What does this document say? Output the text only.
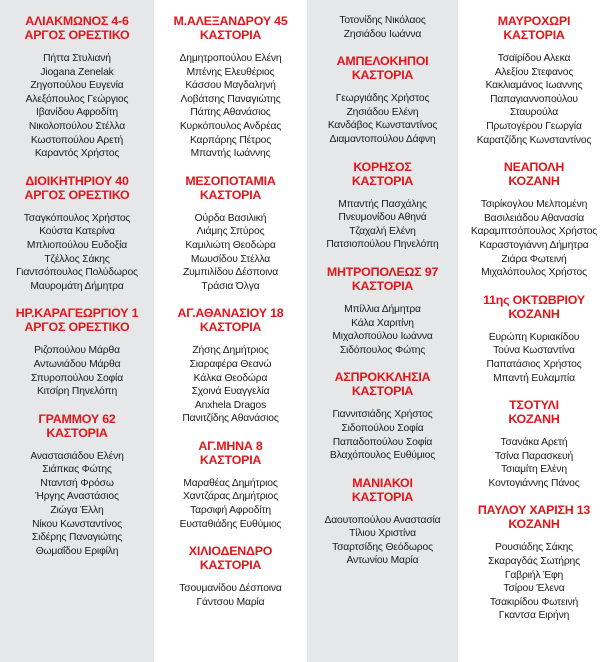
ΑΛΙΑΚΜΩΝΟΣ 4-6
ΑΡΓΟΣ ΟΡΕΣΤΙΚΟ
Πήττα Στυλιανή
Jiogana Zenelak
Ζηγοπούλου Ευγενία
Αλεξόπουλος Γεώργιος
Ιβανίδου Αφροδίτη
Νικολοπούλου Στέλλα
Κωστοπούλου Αρετή
Καραντός Χρήστος
ΔΙΟΙΚΗΤΗΡΙΟΥ 40
ΑΡΓΟΣ ΟΡΕΣΤΙΚΟ
Τσαγκόπουλος Χρήστος
Κούστα Κατερίνα
Μπλιοπούλου Ευδοξία
Τζέλλος Σάκης
Γιαντσόπουλος Πολύδωρος
Μαυρομάτη Δήμητρα
ΗΡ.ΚΑΡΑΓΕΩΡΓΙΟΥ 1
ΑΡΓΟΣ ΟΡΕΣΤΙΚΟ
Ριζοπούλου Μάρθα
Αντωνιάδου Μάρθα
Σπυροπούλου Σοφία
Κιτσίρη Πηνελόπη
ΓΡΑΜΜΟΥ 62
ΚΑΣΤΟΡΙΑ
Αναστασιάδου Ελένη
Σιάπκας Φώτης
Νταντσή Φρόσω
Ήργης Αναστάσιος
Ζιώγα Έλλη
Νίκου Κωνσταντίνος
Σιδέρης Παναγιώτης
Θωμαΐδου Εριφίλη
Μ.ΑΛΕΞΑΝΔΡΟΥ 45
ΚΑΣΤΟΡΙΑ
Δημητροπούλου Ελένη
Μπένης Ελευθέριος
Κάσσου Μαγδαληνή
Λοβάτσης Παναγιώτης
Πάπης Αθανάσιος
Κυρκόπουλος Ανδρέας
Καρπάρης Πέτρος
Μπαντής Ιωάννης
ΜΕΣΟΠΟΤΑΜΙΑ
ΚΑΣΤΟΡΙΑ
Ούρδα Βασιλική
Λιάμης Σπύρος
Καμιλιώτη Θεοδώρα
Μωυσίδου Στέλλα
Ζυμπιλίδου Δέσποινα
Τράσια Όλγα
ΑΓ.ΑΘΑΝΑΣΙΟΥ 18
ΚΑΣΤΟΡΙΑ
Ζήσης Δημήτριος
Σιαραφέρα Θεανώ
Κάλκα Θεοδώρα
Σχοινά Ευαγγελία
Anxhela Dragos
Πανιτζίδης Αθανάσιος
ΑΓ.ΜΗΝΑ 8
ΚΑΣΤΟΡΙΑ
Μαραθέας Δημήτριος
Χαντζάρας Δημήτριος
Ταρσιφή Αφροδίτη
Ευσταθιάδης Ευθύμιος
ΧΙΛΙΟΔΕΝΔΡΟ
ΚΑΣΤΟΡΙΑ
Τσουμανίδου Δέσποινα
Γάντσου Μαρία
Τοτονίδης Νικόλαος
Ζησιάδου Ιωάννα
ΑΜΠΕΛΟΚΗΠΟΙ
ΚΑΣΤΟΡΙΑ
Γεωργιάδης Χρήστος
Ζησιάδου Ελένη
Κανδάβος Κωνσταντίνος
Διαμαντοπούλου Δάφνη
ΚΟΡΗΣΟΣ
ΚΑΣΤΟΡΙΑ
Μπαντής Πασχάλης
Πνευμονίδου Αθηνά
Τζαχαλή Ελένη
Πατσιοπούλου Πηνελόπη
ΜΗΤΡΟΠΟΛΕΩΣ 97
ΚΑΣΤΟΡΙΑ
Μπίλλια Δήμητρα
Κάλα Χαριτίνη
Μιχαλοπούλου Ιωάννα
Σιδόπουλος Φώτης
ΑΣΠΡΟΚΚΛΗΣΙΑ
ΚΑΣΤΟΡΙΑ
Γιαννιτσιάδης Χρήστος
Σιδοπούλου Σοφία
Παπαδοπούλου Σοφία
Βλαχόπουλος Ευθύμιος
ΜΑΝΙΑΚΟΙ
ΚΑΣΤΟΡΙΑ
Δαουτοπούλου Αναστασία
Τίλιου Χριστίνα
Τσαρτσίδης Θεόδωρος
Αντωνίου Μαρία
ΜΑΥΡΟΧΩΡΙ
ΚΑΣΤΟΡΙΑ
Τσαϊρίδου Αλεκα
Αλεξίου Στεφανος
Κακλιαμάνος Ιωαννης
Παπαγιαννοπούλου
Σταυρούλα
Πρωτογέρου Γεωργία
Καρατζίδης Κωνσταντίνος
ΝΕΑΠΟΛΗ
ΚΟΖΑΝΗ
Τσιρίκογλου Μελπομένη
Βασιλειάδου Αθανασία
Καραμπτσόπουλος Χρήστος
Καραστογιάννη Δήμητρα
Ζιάρα Φωτεινή
Μιχαλόπουλος Χρήστος
11ης ΟΚΤΩΒΡΙΟΥ
ΚΟΖΑΝΗ
Ευρώπη Κυριακίδου
Τούνα Κωσταντίνα
Παπατάσιος Χρήστος
Μπαντή Ευλαμπία
ΤΣΟΤΥΛΙ
ΚΟΖΑΝΗ
Τσανάκα Αρετή
Τσίνα Παρασκευή
Τσιαμίτη Ελένη
Κοντογιάννης Πάνος
ΠΑΥΛΟΥ ΧΑΡΙΣΗ 13
ΚΟΖΑΝΗ
Ρουσιάδης Σάκης
Σκαραγδάς Σωτήρης
Γαβριήλ Έφη
Τσίρου Έλενα
Τσακιρίδου Φωτεινή
Γκαντσα Ειρήνη
